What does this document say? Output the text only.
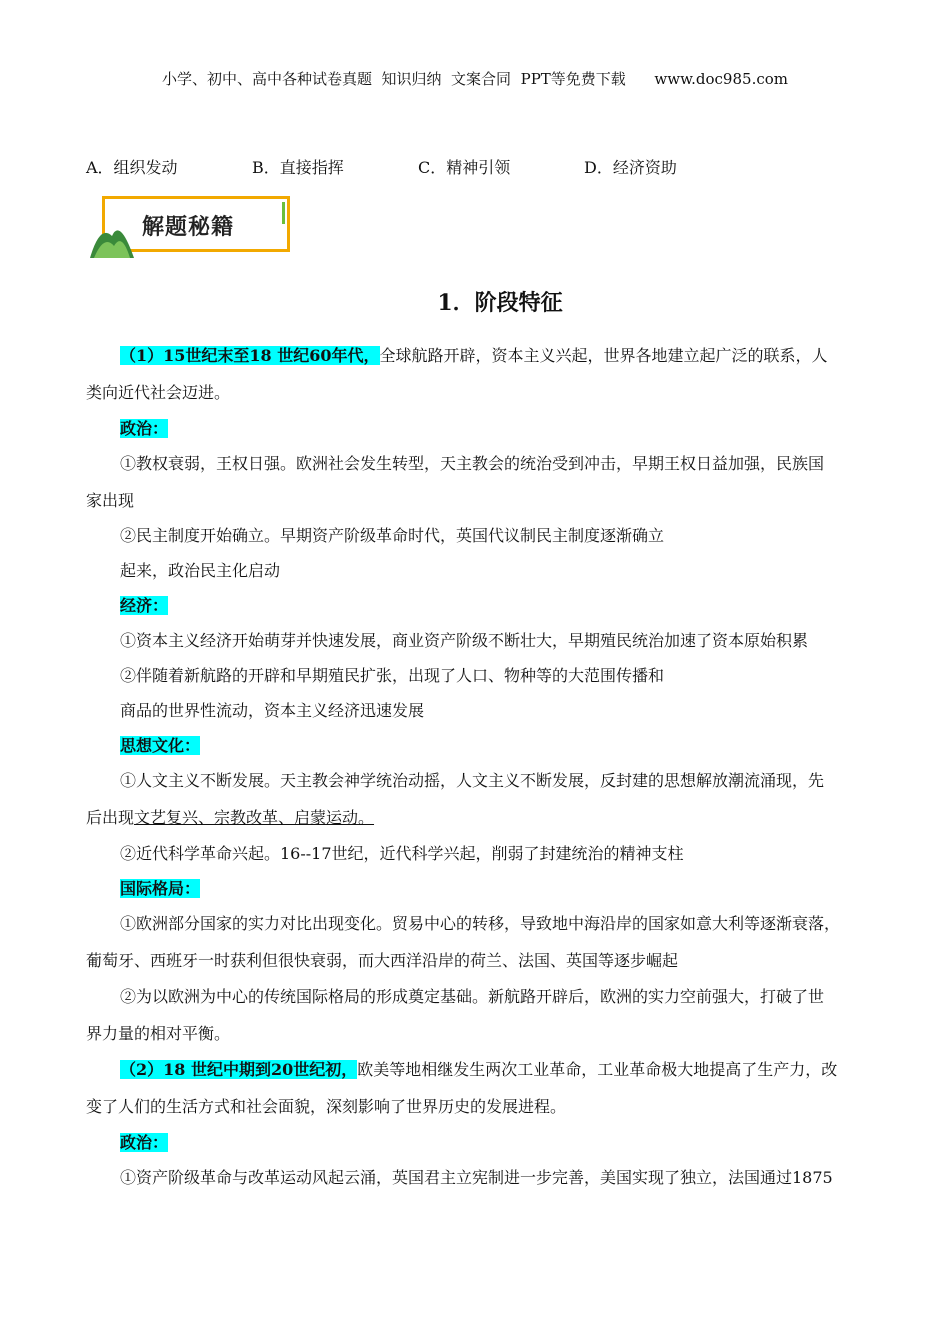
小学、初中、高中各种试卷真题  知识归纳  文案合同  PPT等免费下载      www.doc985.com
A．组织发动	B．直接指挥	C．精神引领	D．经济资助
解题秘籍
1．阶段特征
（1）15世纪末至18 世纪60年代，全球航路开辟，资本主义兴起，世界各地建立起广泛的联系，人
类向近代社会迈进。
政治：
①教权衰弱，王权日强。欧洲社会发生转型，天主教会的统治受到冲击，早期王权日益加强，民族国
家出现
②民主制度开始确立。早期资产阶级革命时代，英国代议制民主制度逐渐确立
起来，政治民主化启动
经济：
①资本主义经济开始萌芽并快速发展，商业资产阶级不断壮大，早期殖民统治加速了资本原始积累
②伴随着新航路的开辟和早期殖民扩张，出现了人口、物种等的大范围传播和
商品的世界性流动，资本主义经济迅速发展
思想文化：
①人文主义不断发展。天主教会神学统治动摇，人文主义不断发展，反封建的思想解放潮流涌现，先
后出现文艺复兴、宗教改革、启蒙运动。
②近代科学革命兴起。16--17世纪，近代科学兴起，削弱了封建统治的精神支柱
国际格局：
①欧洲部分国家的实力对比出现变化。贸易中心的转移，导致地中海沿岸的国家如意大利等逐渐衰落，
葡萄牙、西班牙一时获利但很快衰弱，而大西洋沿岸的荷兰、法国、英国等逐步崛起
②为以欧洲为中心的传统国际格局的形成奠定基础。新航路开辟后，欧洲的实力空前强大，打破了世
界力量的相对平衡。
（2）18 世纪中期到20世纪初，欧美等地相继发生两次工业革命，工业革命极大地提高了生产力，改
变了人们的生活方式和社会面貌，深刻影响了世界历史的发展进程。
政治：
①资产阶级革命与改革运动风起云涌，英国君主立宪制进一步完善，美国实现了独立，法国通过1875
